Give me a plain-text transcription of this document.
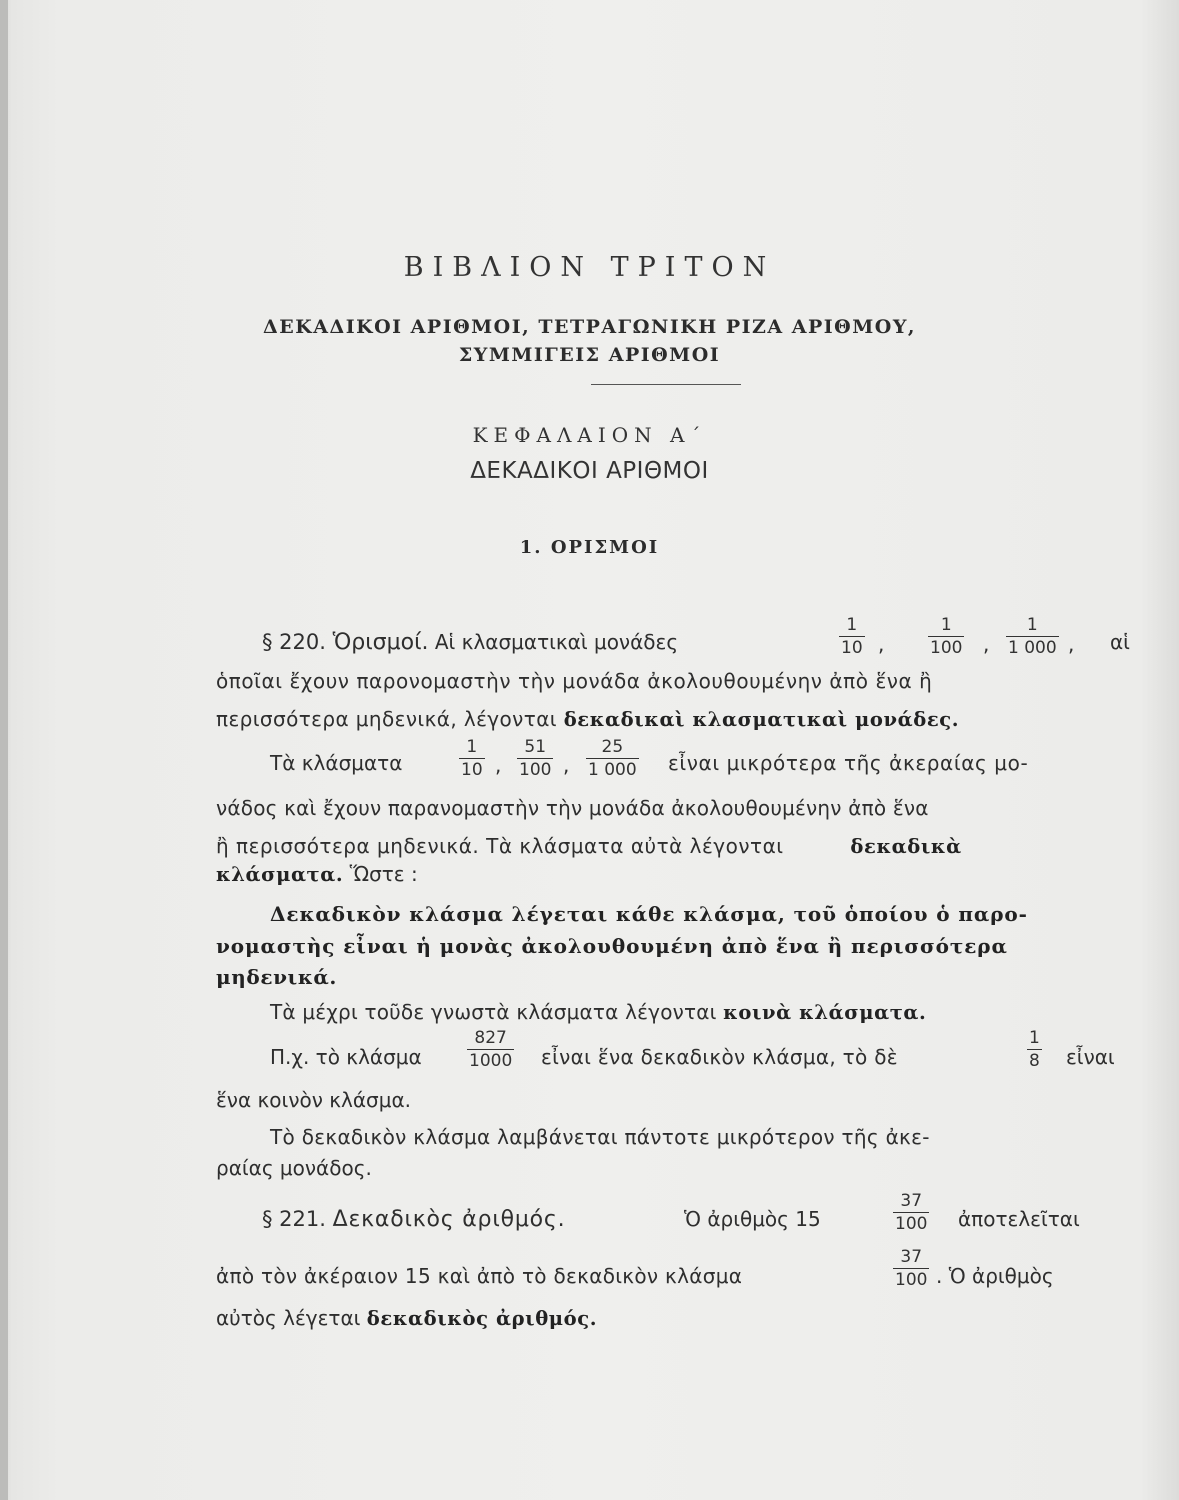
ΒΙΒΛΙΟΝ ΤΡΙΤΟΝ
ΔΕΚΑΔΙΚΟΙ ΑΡΙΘΜΟΙ, ΤΕΤΡΑΓΩΝΙΚΗ ΡΙΖΑ ΑΡΙΘΜΟΥ,
ΣΥΜΜΙΓΕΙΣ ΑΡΙΘΜΟΙ
ΚΕΦΑΛΑΙΟΝ Α΄
ΔΕΚΑΔΙΚΟΙ ΑΡΙΘΜΟΙ
1. ΟΡΙΣΜΟΙ
§ 220. Ὁρισμοί. Αἱ κλασματικαὶ μονάδες
1
10 ,
1
100 ,
1
1 000 , αἱ
ὁποῖαι ἔχουν παρονομαστὴν τὴν μονάδα ἀκολουθουμένην ἀπὸ ἕνα ἢ
περισσότερα μηδενικά, λέγονται δεκαδικαὶ κλασματικαὶ μονάδες.
Τὰ κλάσματα
1
10 ,
51
100 ,
25
1 000 εἶναι μικρότερα τῆς ἀκεραίας μο-
νάδος καὶ ἔχουν παρανομαστὴν τὴν μονάδα ἀκολουθουμένην ἀπὸ ἕνα
ἢ περισσότερα μηδενικά. Τὰ κλάσματα αὐτὰ λέγονται	δεκαδικὰ
κλάσματα. Ὥστε :
Δεκαδικὸν κλάσμα λέγεται κάθε κλάσμα, τοῦ ὁποίου ὁ παρο-
νομαστὴς εἶναι ἡ μονὰς ἀκολουθουμένη ἀπὸ ἕνα ἢ περισσότερα
μηδενικά.
Τὰ μέχρι τοῦδε γνωστὰ κλάσματα λέγονται κοινὰ κλάσματα.
Π.χ. τὸ κλάσμα
827
1000 εἶναι ἕνα δεκαδικὸν κλάσμα, τὸ δὲ
1
8 εἶναι
ἕνα κοινὸν κλάσμα.
Τὸ δεκαδικὸν κλάσμα λαμβάνεται πάντοτε μικρότερον τῆς ἀκε-
ραίας μονάδος.
§ 221. Δεκαδικὸς ἀριθμός.	Ὁ ἀριθμὸς 15
37
100 ἀποτελεῖται
ἀπὸ τὸν ἀκέραιον 15 καὶ ἀπὸ τὸ δεκαδικὸν κλάσμα
37
100 . Ὁ ἀριθμὸς
αὐτὸς λέγεται δεκαδικὸς ἀριθμός.
